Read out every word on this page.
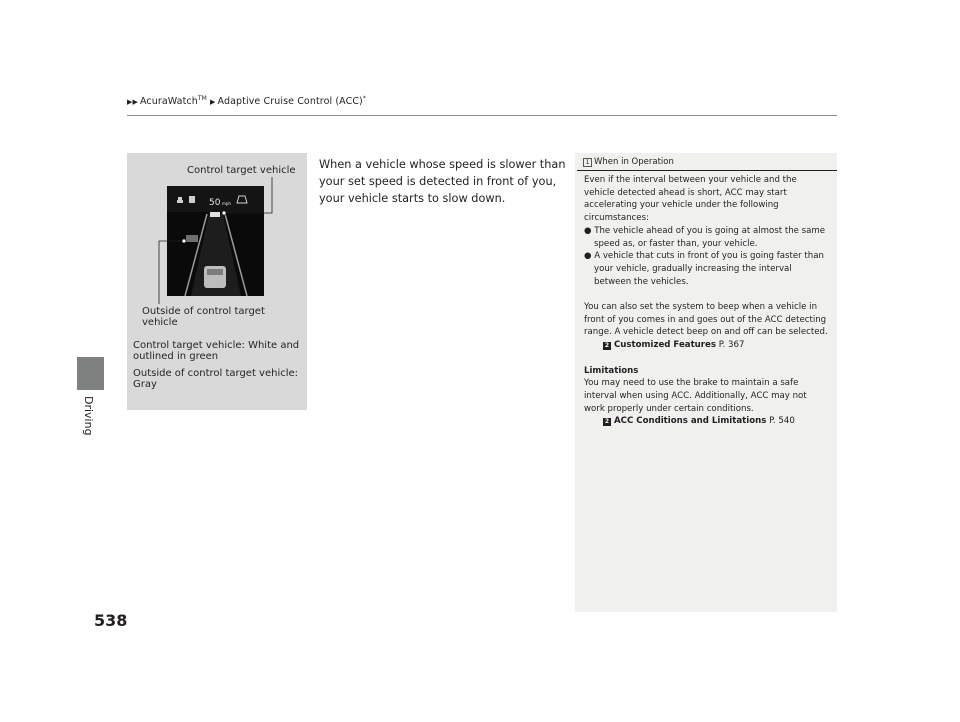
▶▶ AcuraWatch™ ▶ Adaptive Cruise Control (ACC)*
Driving
538
Control target vehicle
Outside of control target vehicle
Control target vehicle: White and outlined in green
Outside of control target vehicle: Gray
50 mph
When a vehicle whose speed is slower than your set speed is detected in front of you, your vehicle starts to slow down.
1 When in Operation

Even if the interval between your vehicle and the vehicle detected ahead is short, ACC may start accelerating your vehicle under the following circumstances:

● The vehicle ahead of you is going at almost the same speed as, or faster than, your vehicle.

● A vehicle that cuts in front of you is going faster than your vehicle, gradually increasing the interval between the vehicles.

You can also set the system to beep when a vehicle in front of you comes in and goes out of the ACC detecting range. A vehicle detect beep on and off can be selected.

2 Customized Features P. 367

Limitations

You may need to use the brake to maintain a safe interval when using ACC. Additionally, ACC may not work properly under certain conditions.

2 ACC Conditions and Limitations P. 540
